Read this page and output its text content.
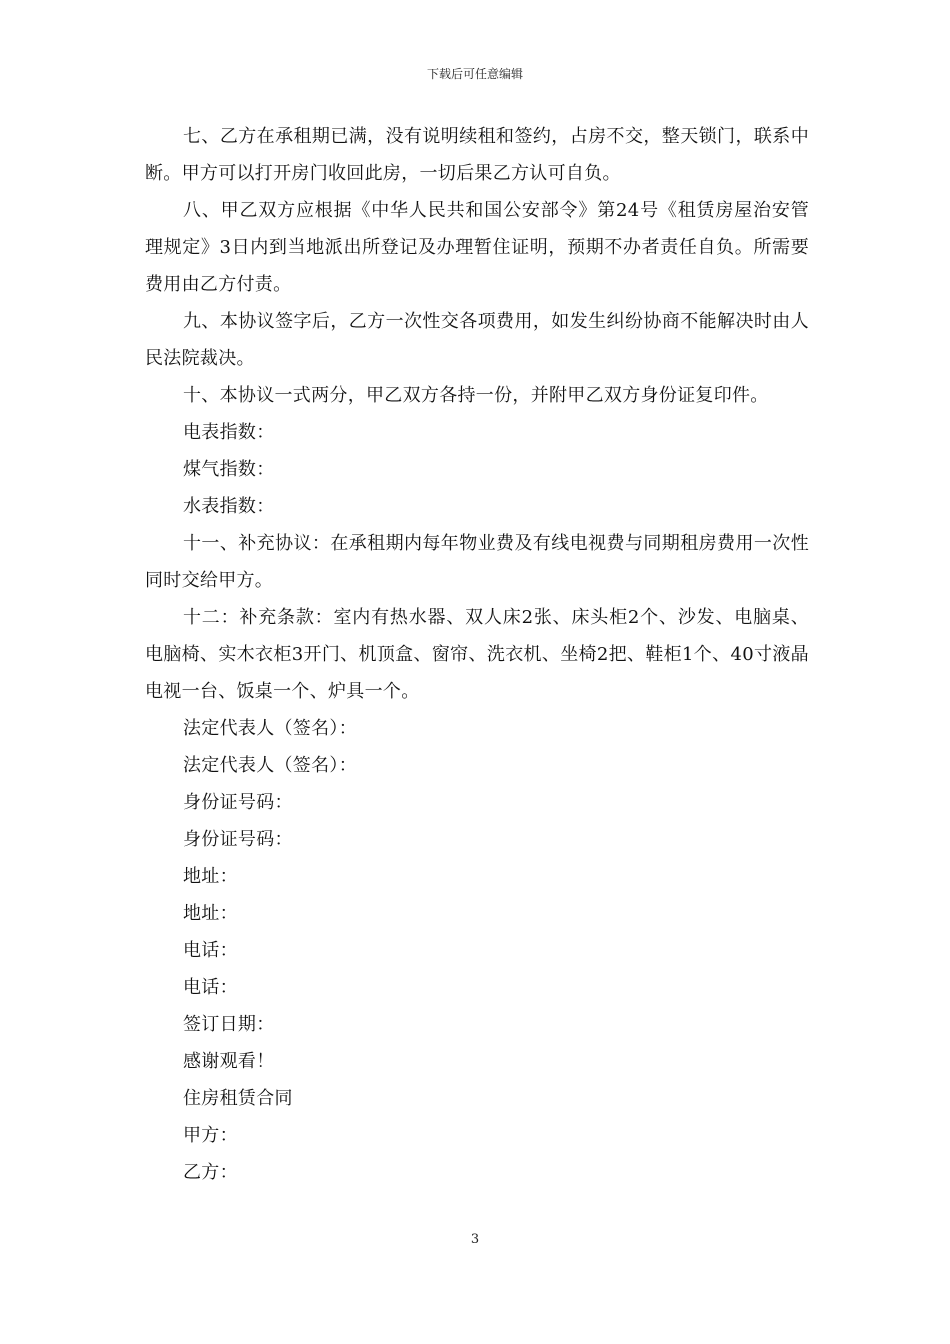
下载后可任意编辑

七、乙方在承租期已满，没有说明续租和签约，占房不交，整天锁门，联系中断。甲方可以打开房门收回此房，一切后果乙方认可自负。

八、甲乙双方应根据《中华人民共和国公安部令》第24号《租赁房屋治安管理规定》3日内到当地派出所登记及办理暂住证明，预期不办者责任自负。所需要费用由乙方付责。

九、本协议签字后，乙方一次性交各项费用，如发生纠纷协商不能解决时由人民法院裁决。

十、本协议一式两分，甲乙双方各持一份，并附甲乙双方身份证复印件。

电表指数：

煤气指数：

水表指数：

十一、补充协议：在承租期内每年物业费及有线电视费与同期租房费用一次性同时交给甲方。

十二：补充条款：室内有热水器、双人床2张、床头柜2个、沙发、电脑桌、电脑椅、实木衣柜3开门、机顶盒、窗帘、洗衣机、坐椅2把、鞋柜1个、40寸液晶电视一台、饭桌一个、炉具一个。

法定代表人（签名）：

法定代表人（签名）：

身份证号码：

身份证号码：

地址：

地址：

电话：

电话：

签订日期：

感谢观看！

住房租赁合同

甲方：

乙方：

3
